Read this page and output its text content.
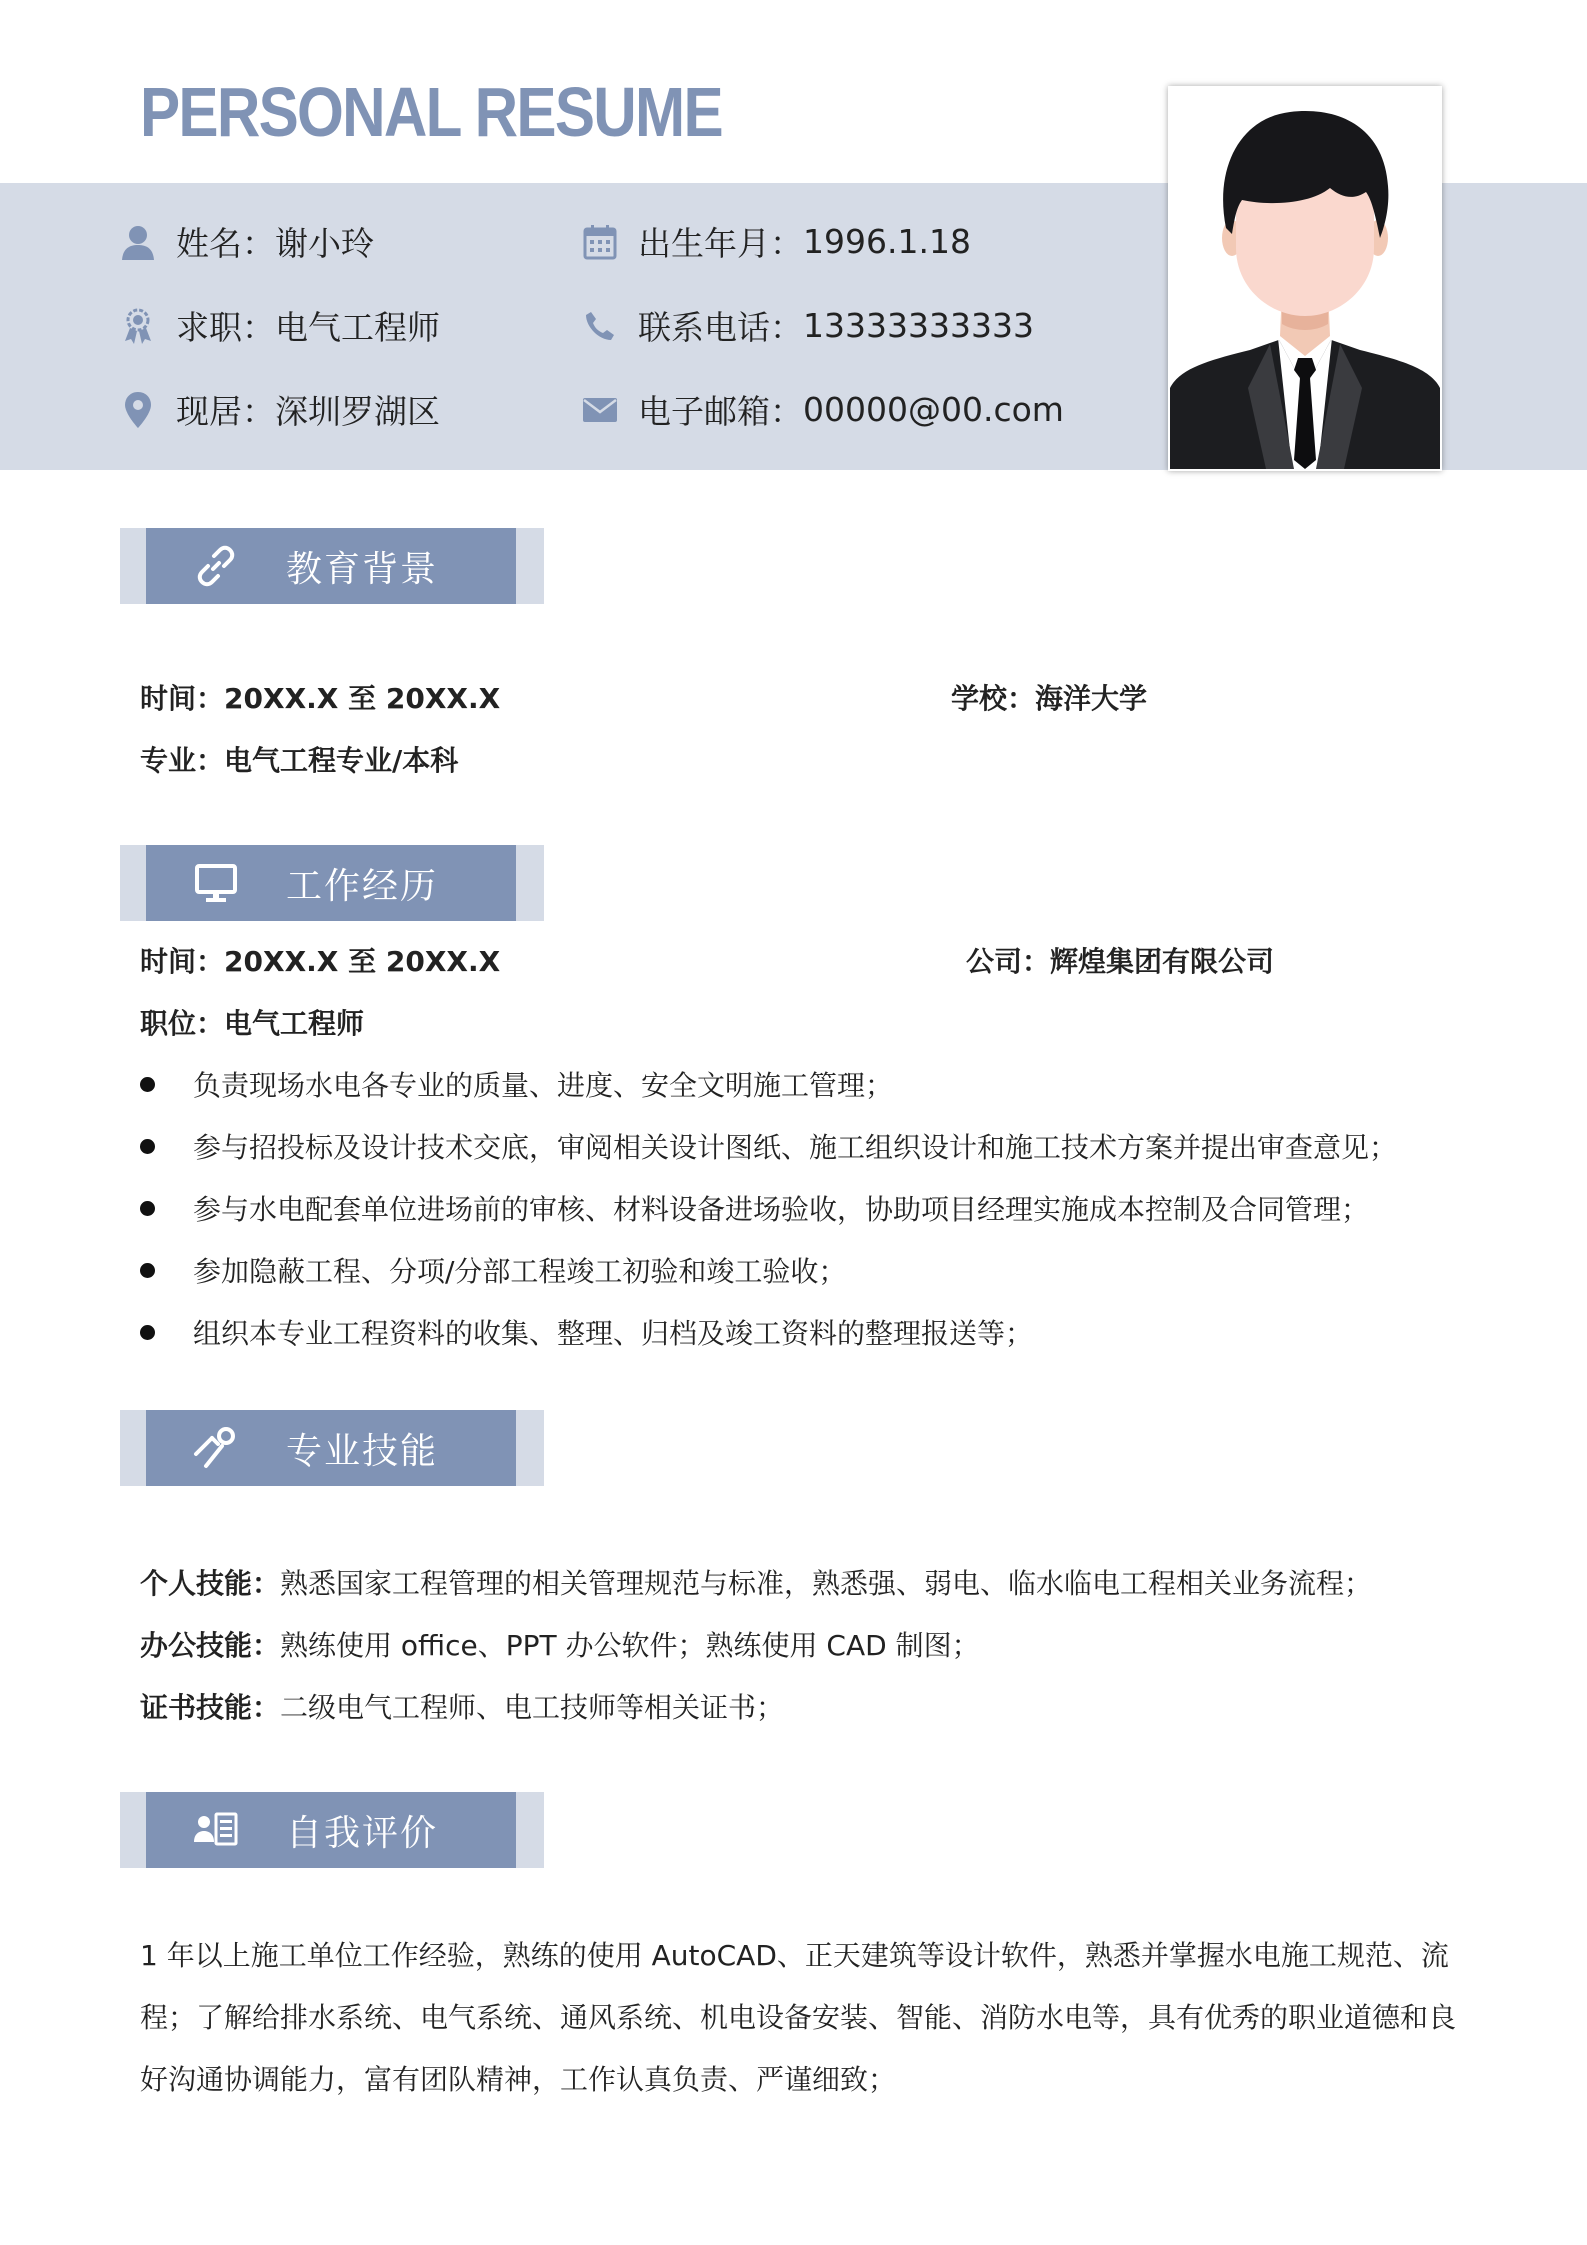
PERSONAL RESUME
姓名： 谢小玲
求职： 电气工程师
现居： 深圳罗湖区
出生年月： 1996.1.18
联系电话： 13333333333
电子邮箱： 00000@00.com
教育背景
时间：20XX.X 至 20XX.X	学校：海洋大学
专业：电气工程专业/本科
工作经历
时间：20XX.X 至 20XX.X	公司：辉煌集团有限公司
职位：电气工程师
负责现场水电各专业的质量、进度、安全文明施工管理；
参与招投标及设计技术交底，审阅相关设计图纸、施工组织设计和施工技术方案并提出审查意见；
参与水电配套单位进场前的审核、材料设备进场验收，协助项目经理实施成本控制及合同管理；
参加隐蔽工程、分项/分部工程竣工初验和竣工验收；
组织本专业工程资料的收集、整理、归档及竣工资料的整理报送等；
专业技能
个人技能：熟悉国家工程管理的相关管理规范与标准，熟悉强、弱电、临水临电工程相关业务流程；
办公技能：熟练使用 office、PPT 办公软件；熟练使用 CAD 制图；
证书技能：二级电气工程师、电工技师等相关证书；
自我评价
1 年以上施工单位工作经验，熟练的使用 AutoCAD、正天建筑等设计软件，熟悉并掌握水电施工规范、流程；了解给排水系统、电气系统、通风系统、机电设备安装、智能、消防水电等，具有优秀的职业道德和良好沟通协调能力，富有团队精神，工作认真负责、严谨细致；
